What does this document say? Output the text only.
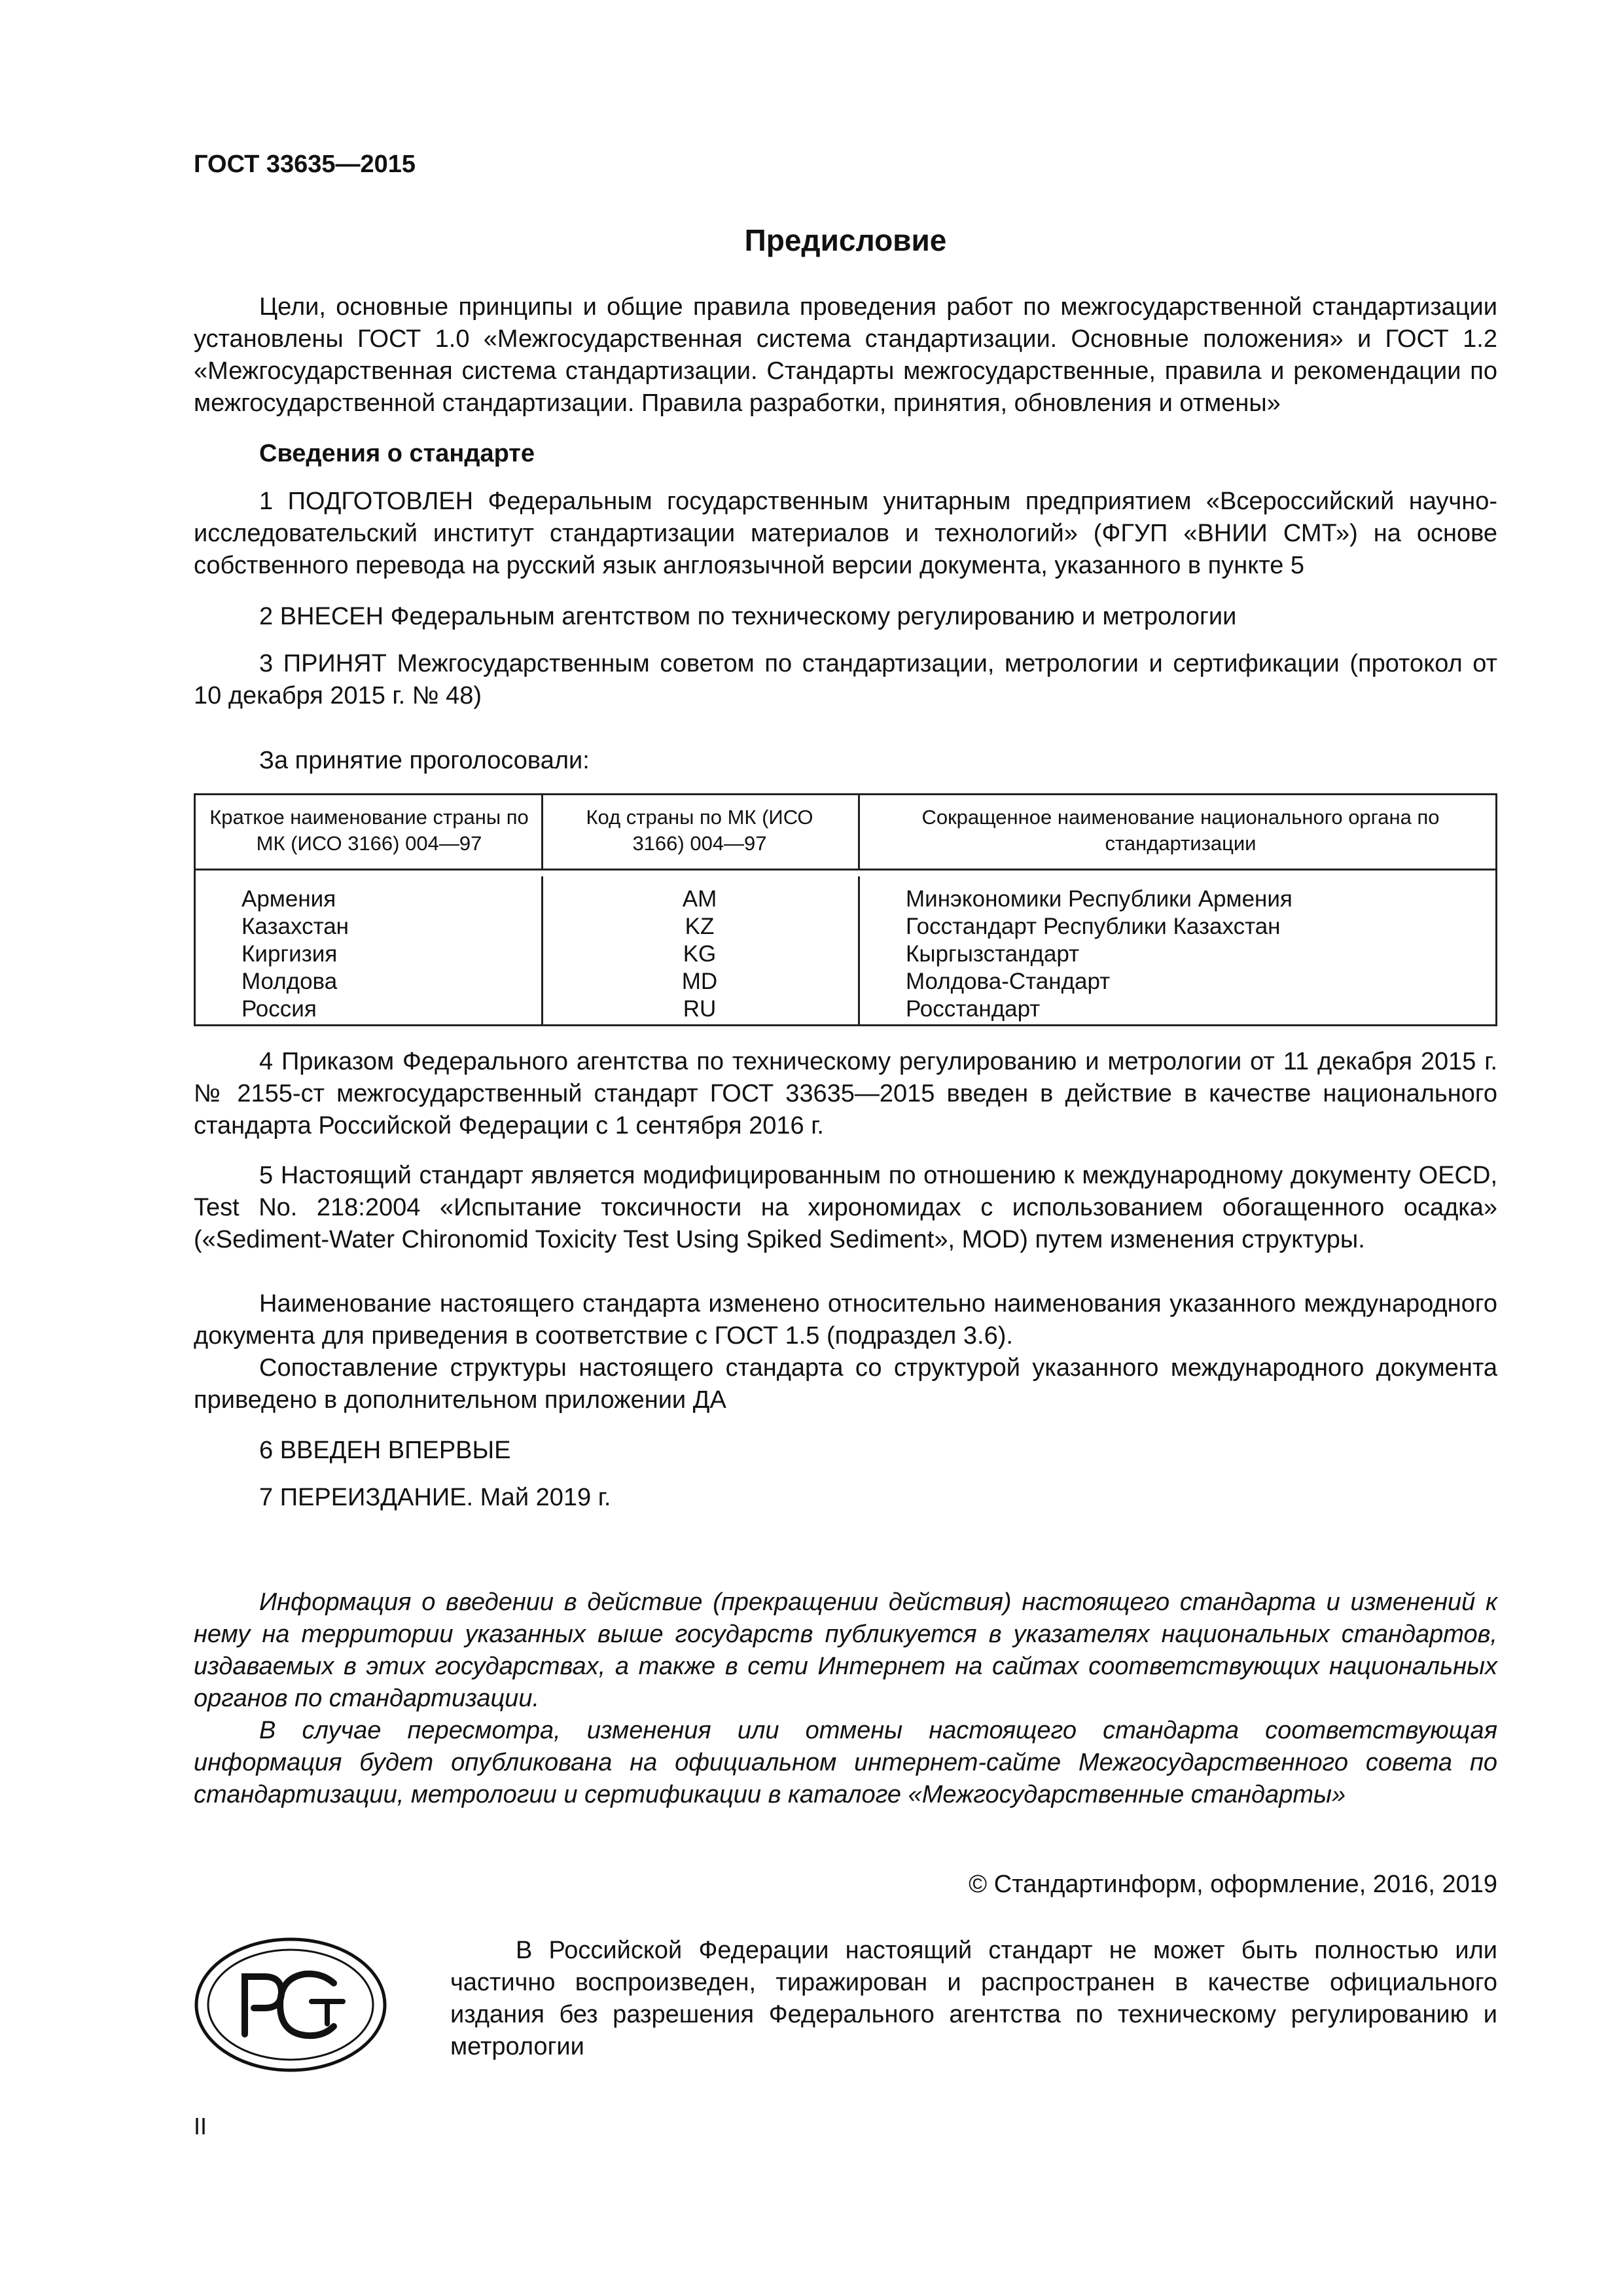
ГОСТ 33635—2015
Предисловие

Цели, основные принципы и общие правила проведения работ по межгосударственной стандартизации установлены ГОСТ 1.0 «Межгосударственная система стандартизации. Основные положения» и ГОСТ 1.2 «Межгосударственная система стандартизации. Стандарты межгосударственные, правила и рекомендации по межгосударственной стандартизации. Правила разработки, принятия, обновления и отмены»

Сведения о стандарте

1 ПОДГОТОВЛЕН Федеральным государственным унитарным предприятием «Всероссийский научно-исследовательский институт стандартизации материалов и технологий» (ФГУП «ВНИИ СМТ») на основе собственного перевода на русский язык англоязычной версии документа, указанного в пункте 5

2 ВНЕСЕН Федеральным агентством по техническому регулированию и метрологии

3 ПРИНЯТ Межгосударственным советом по стандартизации, метрологии и сертификации (протокол от 10 декабря 2015 г. № 48)

За принятие проголосовали:

Краткое наименование страны по МК (ИСО 3166) 004—97
Код страны по МК (ИСО 3166) 004—97
Сокращенное наименование национального органа по стандартизации
Армения
Казахстан
Киргизия
Молдова
Россия
AM
KZ
KG
MD
RU
Минэкономики Республики Армения
Госстандарт Республики Казахстан
Кыргызстандарт
Молдова-Стандарт
Росстандарт

4 Приказом Федерального агентства по техническому регулированию и метрологии от 11 декабря 2015 г. № 2155-ст межгосударственный стандарт ГОСТ 33635—2015 введен в действие в качестве национального стандарта Российской Федерации с 1 сентября 2016 г.

5 Настоящий стандарт является модифицированным по отношению к международному документу OECD, Test No. 218:2004 «Испытание токсичности на хирономидах с использованием обогащенного осадка» («Sediment-Water Chironomid Toxicity Test Using Spiked Sediment», MOD) путем изменения структуры.

Наименование настоящего стандарта изменено относительно наименования указанного международного документа для приведения в соответствие с ГОСТ 1.5 (подраздел 3.6).

Сопоставление структуры настоящего стандарта со структурой указанного международного документа приведено в дополнительном приложении ДА

6 ВВЕДЕН ВПЕРВЫЕ

7 ПЕРЕИЗДАНИЕ. Май 2019 г.

Информация о введении в действие (прекращении действия) настоящего стандарта и изменений к нему на территории указанных выше государств публикуется в указателях национальных стандартов, издаваемых в этих государствах, а также в сети Интернет на сайтах соответствующих национальных органов по стандартизации.

В случае пересмотра, изменения или отмены настоящего стандарта соответствующая информация будет опубликована на официальном интернет-сайте Межгосударственного совета по стандартизации, метрологии и сертификации в каталоге «Межгосударственные стандарты»

© Стандартинформ, оформление, 2016, 2019

В Российской Федерации настоящий стандарт не может быть полностью или частично воспроизведен, тиражирован и распространен в качестве официального издания без разрешения Федерального агентства по техническому регулированию и метрологии

II
